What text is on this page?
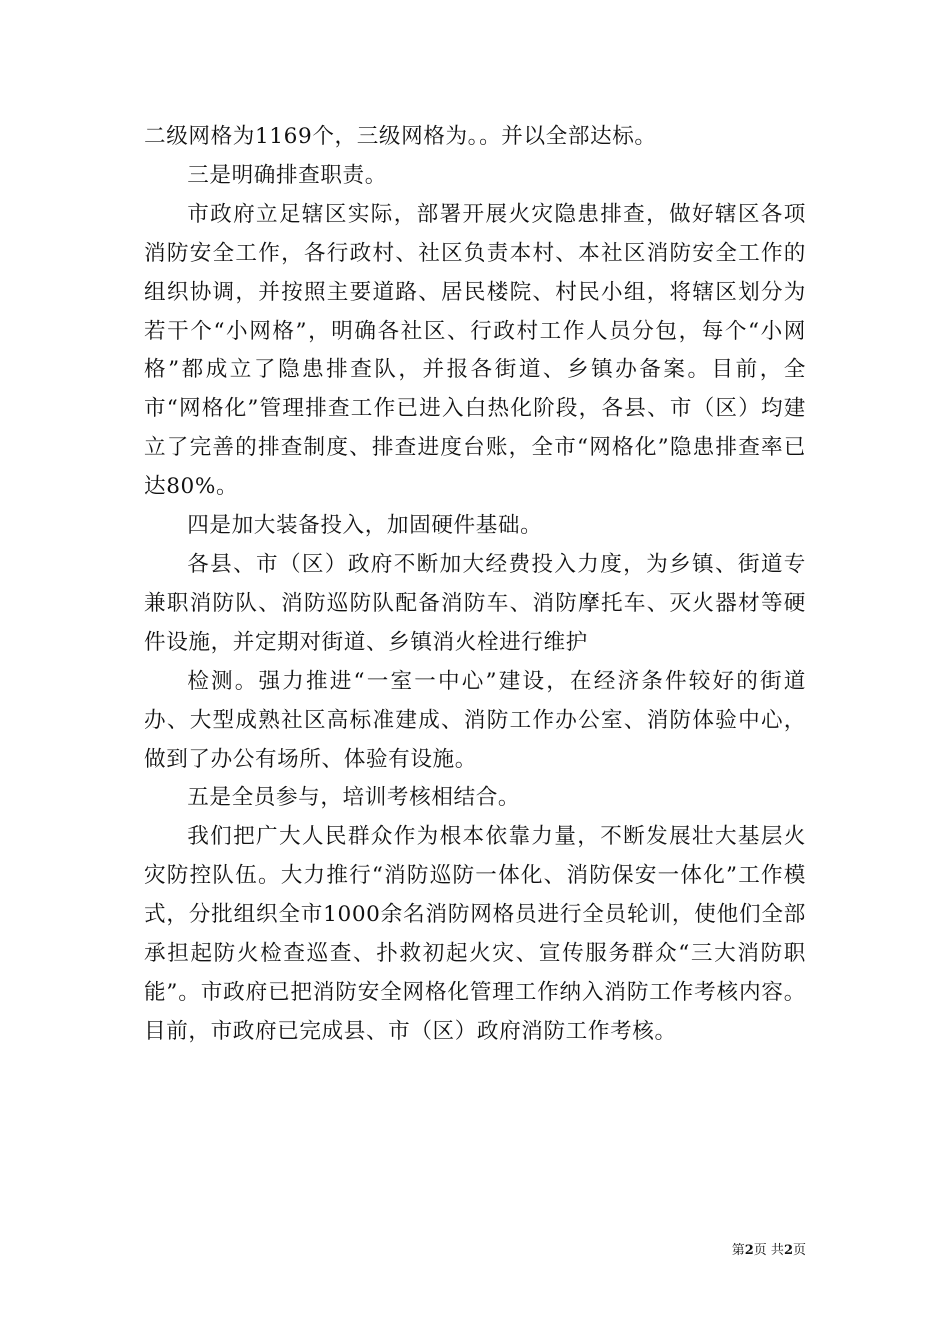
二级网格为1169个，三级网格为。。并以全部达标。

三是明确排查职责。

市政府立足辖区实际，部署开展火灾隐患排查，做好辖区各项消防安全工作，各行政村、社区负责本村、本社区消防安全工作的组织协调，并按照主要道路、居民楼院、村民小组，将辖区划分为若干个“小网格”，明确各社区、行政村工作人员分包，每个“小网格”都成立了隐患排查队，并报各街道、乡镇办备案。目前，全市“网格化”管理排查工作已进入白热化阶段，各县、市（区）均建立了完善的排查制度、排查进度台账，全市“网格化”隐患排查率已达80%。

四是加大装备投入，加固硬件基础。

各县、市（区）政府不断加大经费投入力度，为乡镇、街道专兼职消防队、消防巡防队配备消防车、消防摩托车、灭火器材等硬件设施，并定期对街道、乡镇消火栓进行维护

检测。强力推进“一室一中心”建设，在经济条件较好的街道办、大型成熟社区高标准建成、消防工作办公室、消防体验中心，做到了办公有场所、体验有设施。

五是全员参与，培训考核相结合。

我们把广大人民群众作为根本依靠力量，不断发展壮大基层火灾防控队伍。大力推行“消防巡防一体化、消防保安一体化”工作模式，分批组织全市1000余名消防网格员进行全员轮训，使他们全部承担起防火检查巡查、扑救初起火灾、宣传服务群众“三大消防职能”。市政府已把消防安全网格化管理工作纳入消防工作考核内容。目前，市政府已完成县、市（区）政府消防工作考核。

第2页 共2页
